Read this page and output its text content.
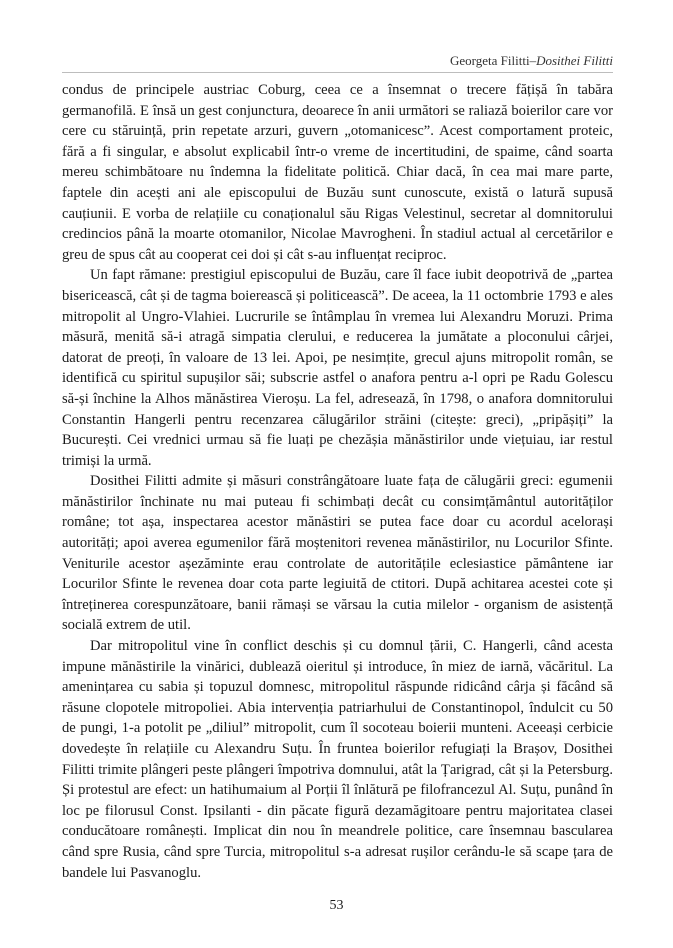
Georgeta Filitti–Dosithei Filitti

condus de principele austriac Coburg, ceea ce a însemnat o trecere fățișă în tabăra germanofilă. E însă un gest conjunctura, deoarece în anii următori se raliază boierilor care vor cere cu stăruință, prin repetate arzuri, guvern „otomanicesc”. Acest comportament proteic, fără a fi singular, e absolut explicabil într-o vreme de incertitudini, de spaime, când soarta mereu schimbătoare nu îndemna la fidelitate politică. Chiar dacă, în cea mai mare parte, faptele din acești ani ale episcopului de Buzău sunt cunoscute, există o latură supusă cauțiunii. E vorba de relațiile cu conaționalul său Rigas Velestinul, secretar al domnitorului credincios până la moarte otomanilor, Nicolae Mavrogheni. În stadiul actual al cercetărilor e greu de spus cât au cooperat cei doi și cât s-au influențat reciproc.

Un fapt rămane: prestigiul episcopului de Buzău, care îl face iubit deopotrivă de „partea bisericească, cât și de tagma boierească și politicească”. De aceea, la 11 octombrie 1793 e ales mitropolit al Ungro-Vlahiei. Lucrurile se întâmplau în vremea lui Alexandru Moruzi. Prima măsură, menită să-i atragă simpatia clerului, e reducerea la jumătate a ploconului cârjei, datorat de preoți, în valoare de 13 lei. Apoi, pe nesimțite, grecul ajuns mitropolit român, se identifică cu spiritul supușilor săi; subscrie astfel o anafora pentru a-l opri pe Radu Golescu să-și închine la Alhos mănăstirea Vieroșu. La fel, adresează, în 1798, o anafora domnitorului Constantin Hangerli pentru recenzarea călugărilor străini (citește: greci), „pripășiți” la București. Cei vrednici urmau să fie luați pe chezășia mănăstirilor unde viețuiau, iar restul trimiși la urmă.

Dosithei Filitti admite și măsuri constrângătoare luate fața de călugării greci: egumenii mănăstirilor închinate nu mai puteau fi schimbați decât cu consimțământul autorităților române; tot așa, inspectarea acestor mănăstiri se putea face doar cu acordul acelorași autorități; apoi averea egumenilor fără moștenitori revenea mănăstirilor, nu Locurilor Sfinte. Veniturile acestor așezăminte erau controlate de autoritățile eclesiastice pământene iar Locurilor Sfinte le revenea doar cota parte legiuită de ctitori. După achitarea acestei cote și întreținerea corespunzătoare, banii rămași se vărsau la cutia milelor - organism de asistență socială extrem de util.

Dar mitropolitul vine în conflict deschis și cu domnul țării, C. Hangerli, când acesta impune mănăstirile la vinărici, dublează oieritul și introduce, în miez de iarnă, văcăritul. La amenințarea cu sabia și topuzul domnesc, mitropolitul răspunde ridicând cârja și făcând să răsune clopotele mitropoliei. Abia intervenția patriarhului de Constantinopol, îndulcit cu 50 de pungi, 1-a potolit pe „diliul” mitropolit, cum îl socoteau boierii munteni. Aceeași cerbicie dovedește în relațiile cu Alexandru Suțu. În fruntea boierilor refugiați la Brașov, Dosithei Filitti trimite plângeri peste plângeri împotriva domnului, atât la Țarigrad, cât și la Petersburg. Și protestul are efect: un hatihumaium al Porții îl înlătură pe filofrancezul Al. Suțu, punând în loc pe filorusul Const. Ipsilanti - din păcate figură dezamăgitoare pentru majoritatea clasei conducătoare românești. Implicat din nou în meandrele politice, care însemnau bascularea când spre Rusia, când spre Turcia, mitropolitul s-a adresat rușilor cerându-le să scape țara de bandele lui Pasvanoglu.

53
